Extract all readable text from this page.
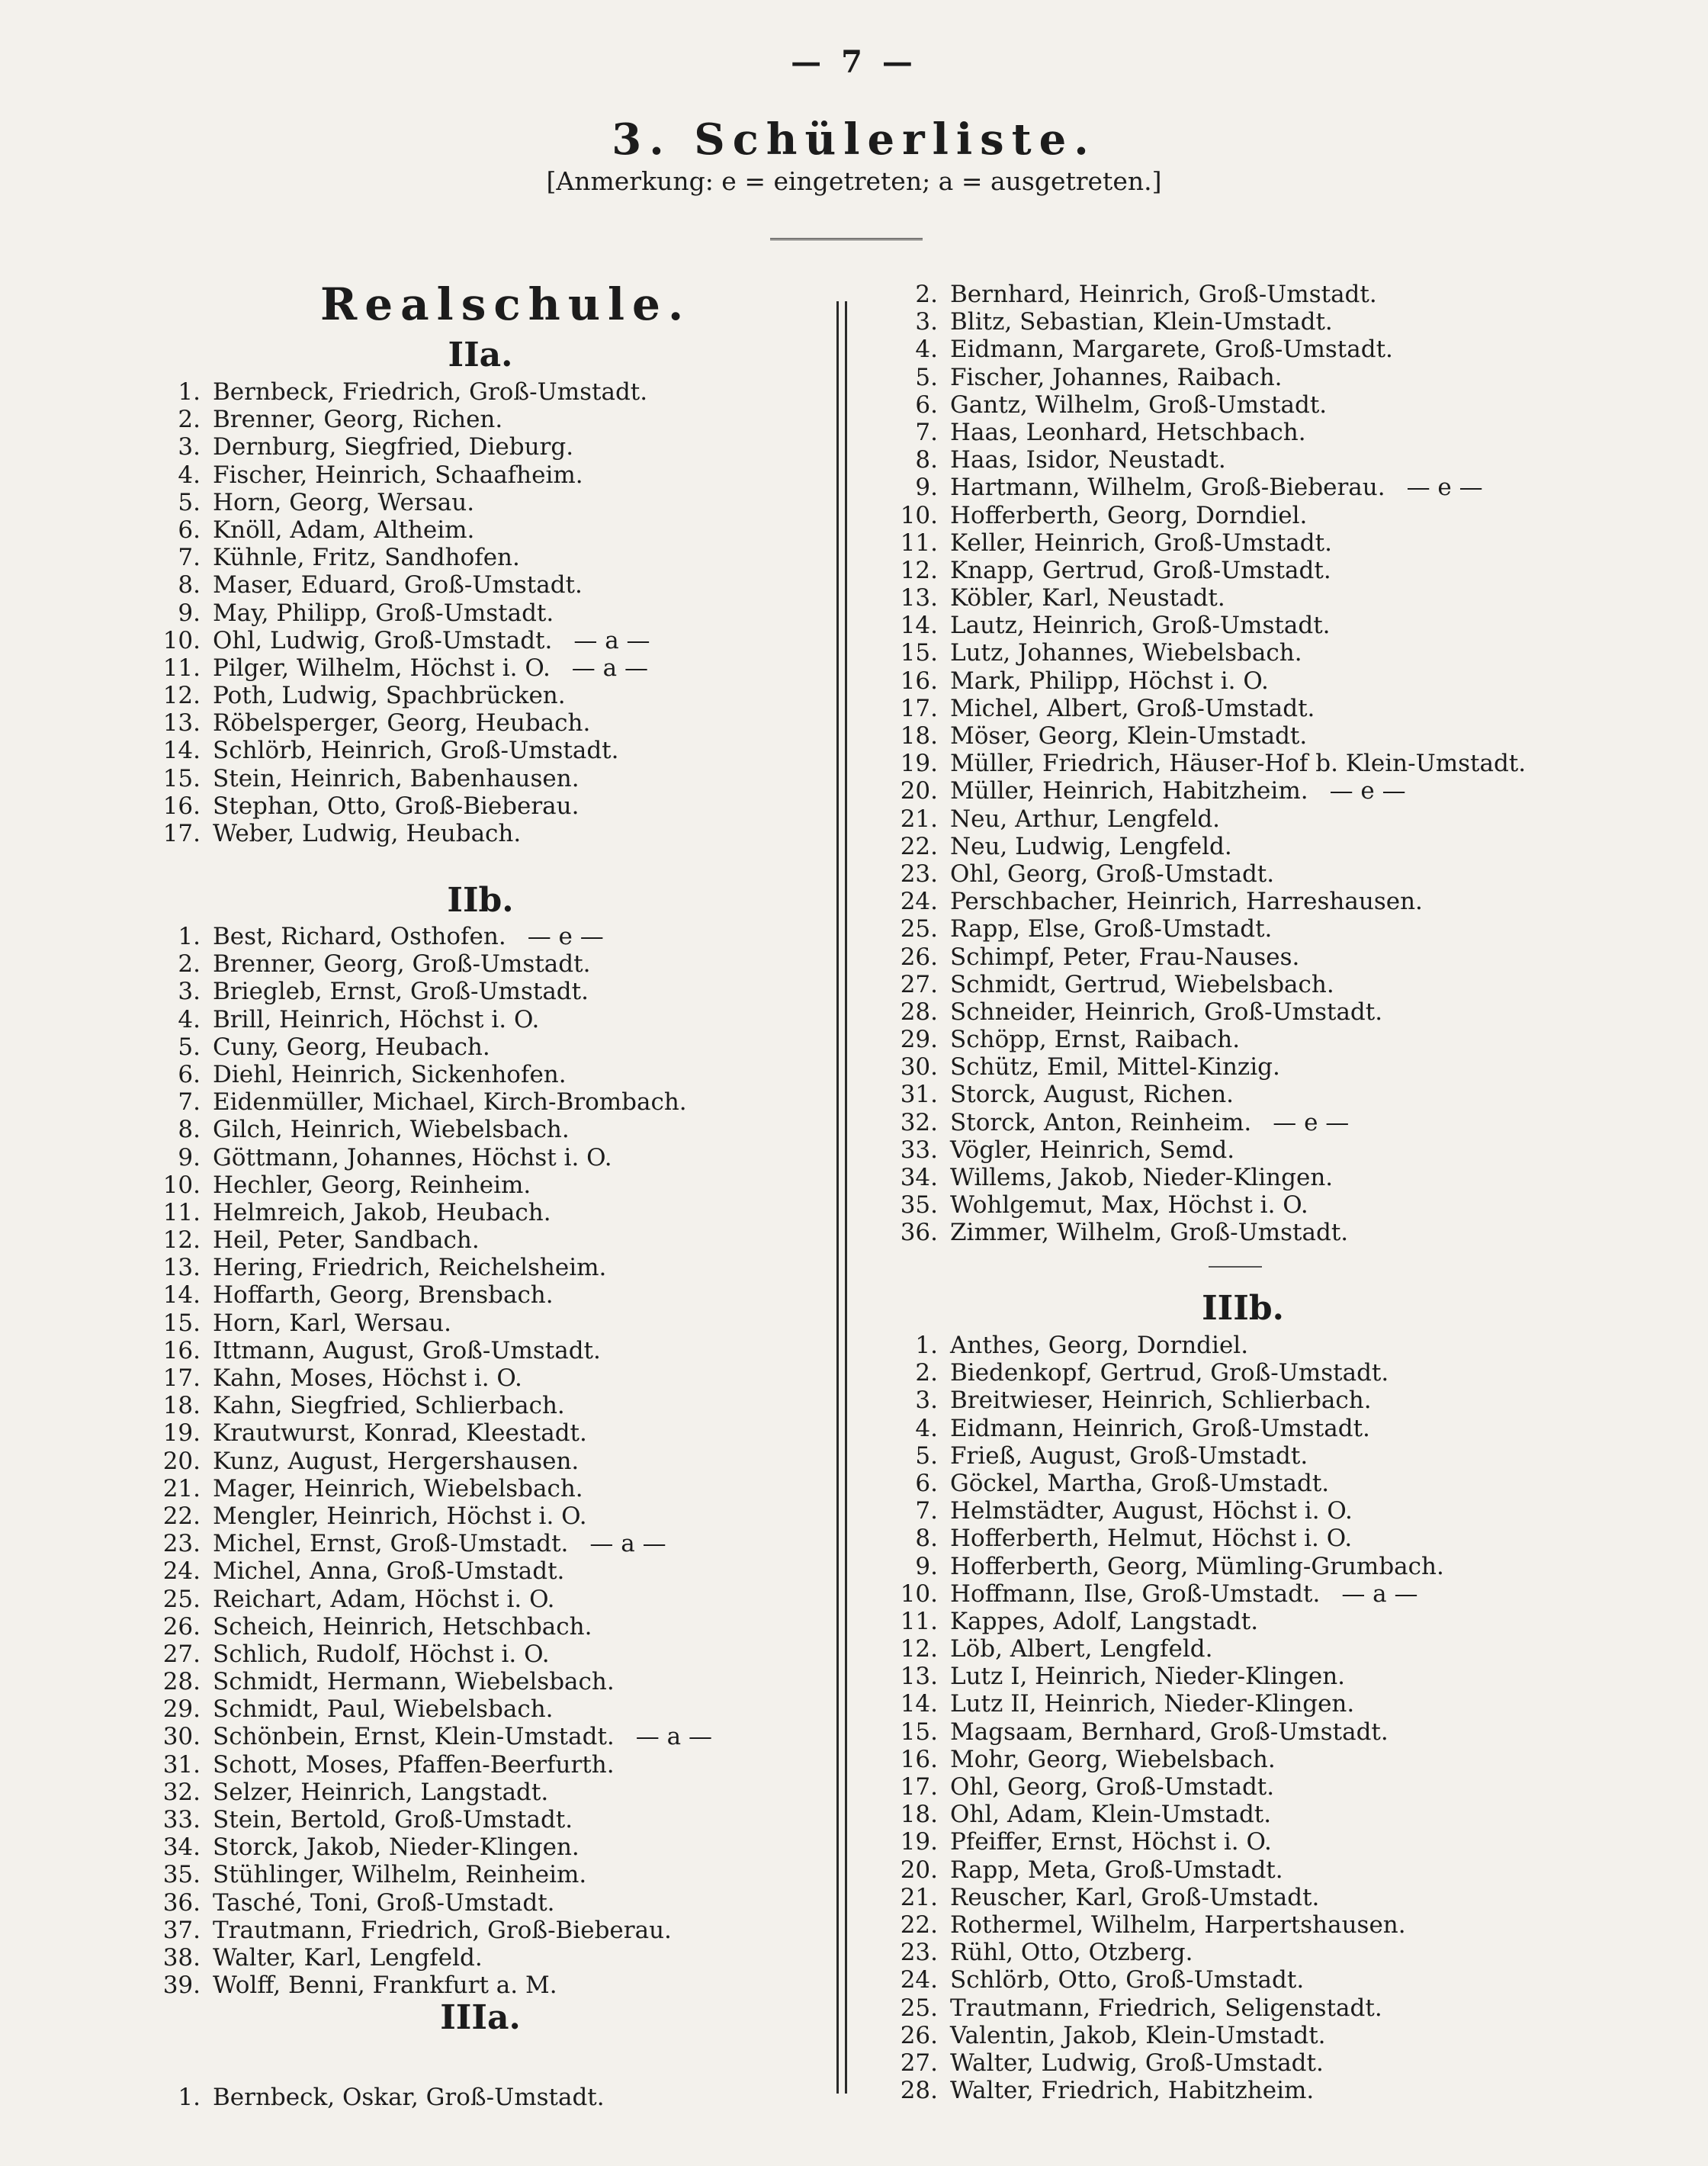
— 7 —
3. Schülerliste.
[Anmerkung: e = eingetreten; a = ausgetreten.]
Realschule.
IIa.
1. Bernbeck, Friedrich, Groß-Umstadt.
2. Brenner, Georg, Richen.
3. Dernburg, Siegfried, Dieburg.
4. Fischer, Heinrich, Schaafheim.
5. Horn, Georg, Wersau.
6. Knöll, Adam, Altheim.
7. Kühnle, Fritz, Sandhofen.
8. Maser, Eduard, Groß-Umstadt.
9. May, Philipp, Groß-Umstadt.
10. Ohl, Ludwig, Groß-Umstadt. — a —
11. Pilger, Wilhelm, Höchst i. O. — a —
12. Poth, Ludwig, Spachbrücken.
13. Röbelsperger, Georg, Heubach.
14. Schlörb, Heinrich, Groß-Umstadt.
15. Stein, Heinrich, Babenhausen.
16. Stephan, Otto, Groß-Bieberau.
17. Weber, Ludwig, Heubach.
IIb.
1. Best, Richard, Osthofen. — e —
2. Brenner, Georg, Groß-Umstadt.
3. Briegleb, Ernst, Groß-Umstadt.
4. Brill, Heinrich, Höchst i. O.
5. Cuny, Georg, Heubach.
6. Diehl, Heinrich, Sickenhofen.
7. Eidenmüller, Michael, Kirch-Brombach.
8. Gilch, Heinrich, Wiebelsbach.
9. Göttmann, Johannes, Höchst i. O.
10. Hechler, Georg, Reinheim.
11. Helmreich, Jakob, Heubach.
12. Heil, Peter, Sandbach.
13. Hering, Friedrich, Reichelsheim.
14. Hoffarth, Georg, Brensbach.
15. Horn, Karl, Wersau.
16. Ittmann, August, Groß-Umstadt.
17. Kahn, Moses, Höchst i. O.
18. Kahn, Siegfried, Schlierbach.
19. Krautwurst, Konrad, Kleestadt.
20. Kunz, August, Hergershausen.
21. Mager, Heinrich, Wiebelsbach.
22. Mengler, Heinrich, Höchst i. O.
23. Michel, Ernst, Groß-Umstadt. — a —
24. Michel, Anna, Groß-Umstadt.
25. Reichart, Adam, Höchst i. O.
26. Scheich, Heinrich, Hetschbach.
27. Schlich, Rudolf, Höchst i. O.
28. Schmidt, Hermann, Wiebelsbach.
29. Schmidt, Paul, Wiebelsbach.
30. Schönbein, Ernst, Klein-Umstadt. — a —
31. Schott, Moses, Pfaffen-Beerfurth.
32. Selzer, Heinrich, Langstadt.
33. Stein, Bertold, Groß-Umstadt.
34. Storck, Jakob, Nieder-Klingen.
35. Stühlinger, Wilhelm, Reinheim.
36. Tasché, Toni, Groß-Umstadt.
37. Trautmann, Friedrich, Groß-Bieberau.
38. Walter, Karl, Lengfeld.
39. Wolff, Benni, Frankfurt a. M.
IIIa.
1. Bernbeck, Oskar, Groß-Umstadt.
2. Bernhard, Heinrich, Groß-Umstadt.
3. Blitz, Sebastian, Klein-Umstadt.
4. Eidmann, Margarete, Groß-Umstadt.
5. Fischer, Johannes, Raibach.
6. Gantz, Wilhelm, Groß-Umstadt.
7. Haas, Leonhard, Hetschbach.
8. Haas, Isidor, Neustadt.
9. Hartmann, Wilhelm, Groß-Bieberau. — e —
10. Hofferberth, Georg, Dorndiel.
11. Keller, Heinrich, Groß-Umstadt.
12. Knapp, Gertrud, Groß-Umstadt.
13. Köbler, Karl, Neustadt.
14. Lautz, Heinrich, Groß-Umstadt.
15. Lutz, Johannes, Wiebelsbach.
16. Mark, Philipp, Höchst i. O.
17. Michel, Albert, Groß-Umstadt.
18. Möser, Georg, Klein-Umstadt.
19. Müller, Friedrich, Häuser-Hof b. Klein-Umstadt.
20. Müller, Heinrich, Habitzheim. — e —
21. Neu, Arthur, Lengfeld.
22. Neu, Ludwig, Lengfeld.
23. Ohl, Georg, Groß-Umstadt.
24. Perschbacher, Heinrich, Harreshausen.
25. Rapp, Else, Groß-Umstadt.
26. Schimpf, Peter, Frau-Nauses.
27. Schmidt, Gertrud, Wiebelsbach.
28. Schneider, Heinrich, Groß-Umstadt.
29. Schöpp, Ernst, Raibach.
30. Schütz, Emil, Mittel-Kinzig.
31. Storck, August, Richen.
32. Storck, Anton, Reinheim. — e —
33. Vögler, Heinrich, Semd.
34. Willems, Jakob, Nieder-Klingen.
35. Wohlgemut, Max, Höchst i. O.
36. Zimmer, Wilhelm, Groß-Umstadt.
IIIb.
1. Anthes, Georg, Dorndiel.
2. Biedenkopf, Gertrud, Groß-Umstadt.
3. Breitwieser, Heinrich, Schlierbach.
4. Eidmann, Heinrich, Groß-Umstadt.
5. Frieß, August, Groß-Umstadt.
6. Göckel, Martha, Groß-Umstadt.
7. Helmstädter, August, Höchst i. O.
8. Hofferberth, Helmut, Höchst i. O.
9. Hofferberth, Georg, Mümling-Grumbach.
10. Hoffmann, Ilse, Groß-Umstadt. — a —
11. Kappes, Adolf, Langstadt.
12. Löb, Albert, Lengfeld.
13. Lutz I, Heinrich, Nieder-Klingen.
14. Lutz II, Heinrich, Nieder-Klingen.
15. Magsaam, Bernhard, Groß-Umstadt.
16. Mohr, Georg, Wiebelsbach.
17. Ohl, Georg, Groß-Umstadt.
18. Ohl, Adam, Klein-Umstadt.
19. Pfeiffer, Ernst, Höchst i. O.
20. Rapp, Meta, Groß-Umstadt.
21. Reuscher, Karl, Groß-Umstadt.
22. Rothermel, Wilhelm, Harpertshausen.
23. Rühl, Otto, Otzberg.
24. Schlörb, Otto, Groß-Umstadt.
25. Trautmann, Friedrich, Seligenstadt.
26. Valentin, Jakob, Klein-Umstadt.
27. Walter, Ludwig, Groß-Umstadt.
28. Walter, Friedrich, Habitzheim.
